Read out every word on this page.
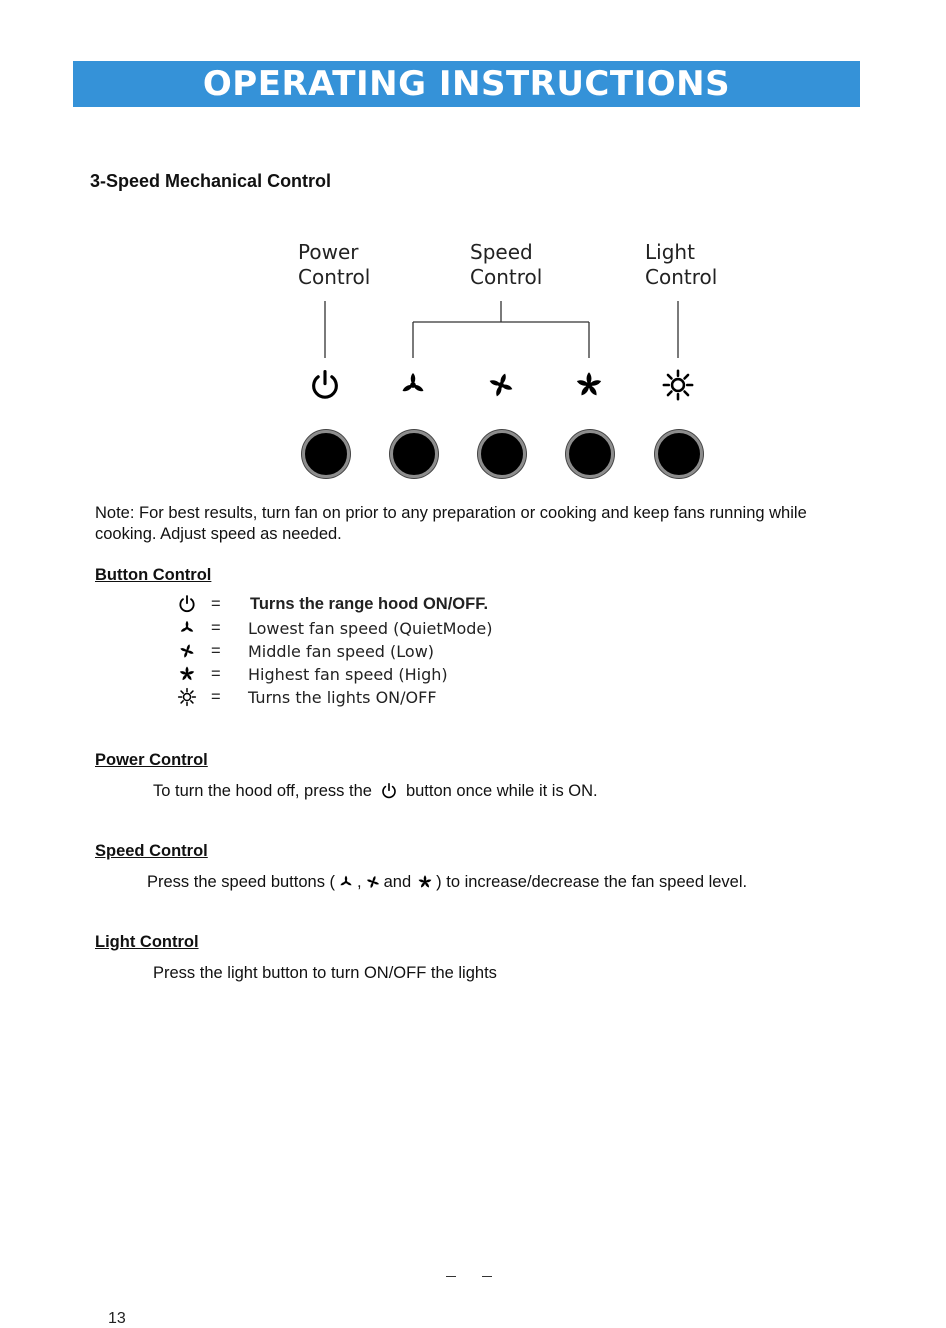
OPERATING INSTRUCTIONS
3-Speed Mechanical Control
Power
Control
Speed
Control
Light
Control
Note: For best results, turn fan on prior to any preparation or cooking and keep fans running while cooking. Adjust speed as needed.
Button Control
= Turns the range hood ON/OFF.
= Lowest fan speed (QuietMode)
= Middle fan speed (Low)
= Highest fan speed (High)
= Turns the lights ON/OFF
Power Control
To turn the hood off, press the button once while it is ON.
Speed Control
Press the speed buttons ( , and ) to increase/decrease the fan speed level.
Light Control
Press the light button to turn ON/OFF the lights
13
